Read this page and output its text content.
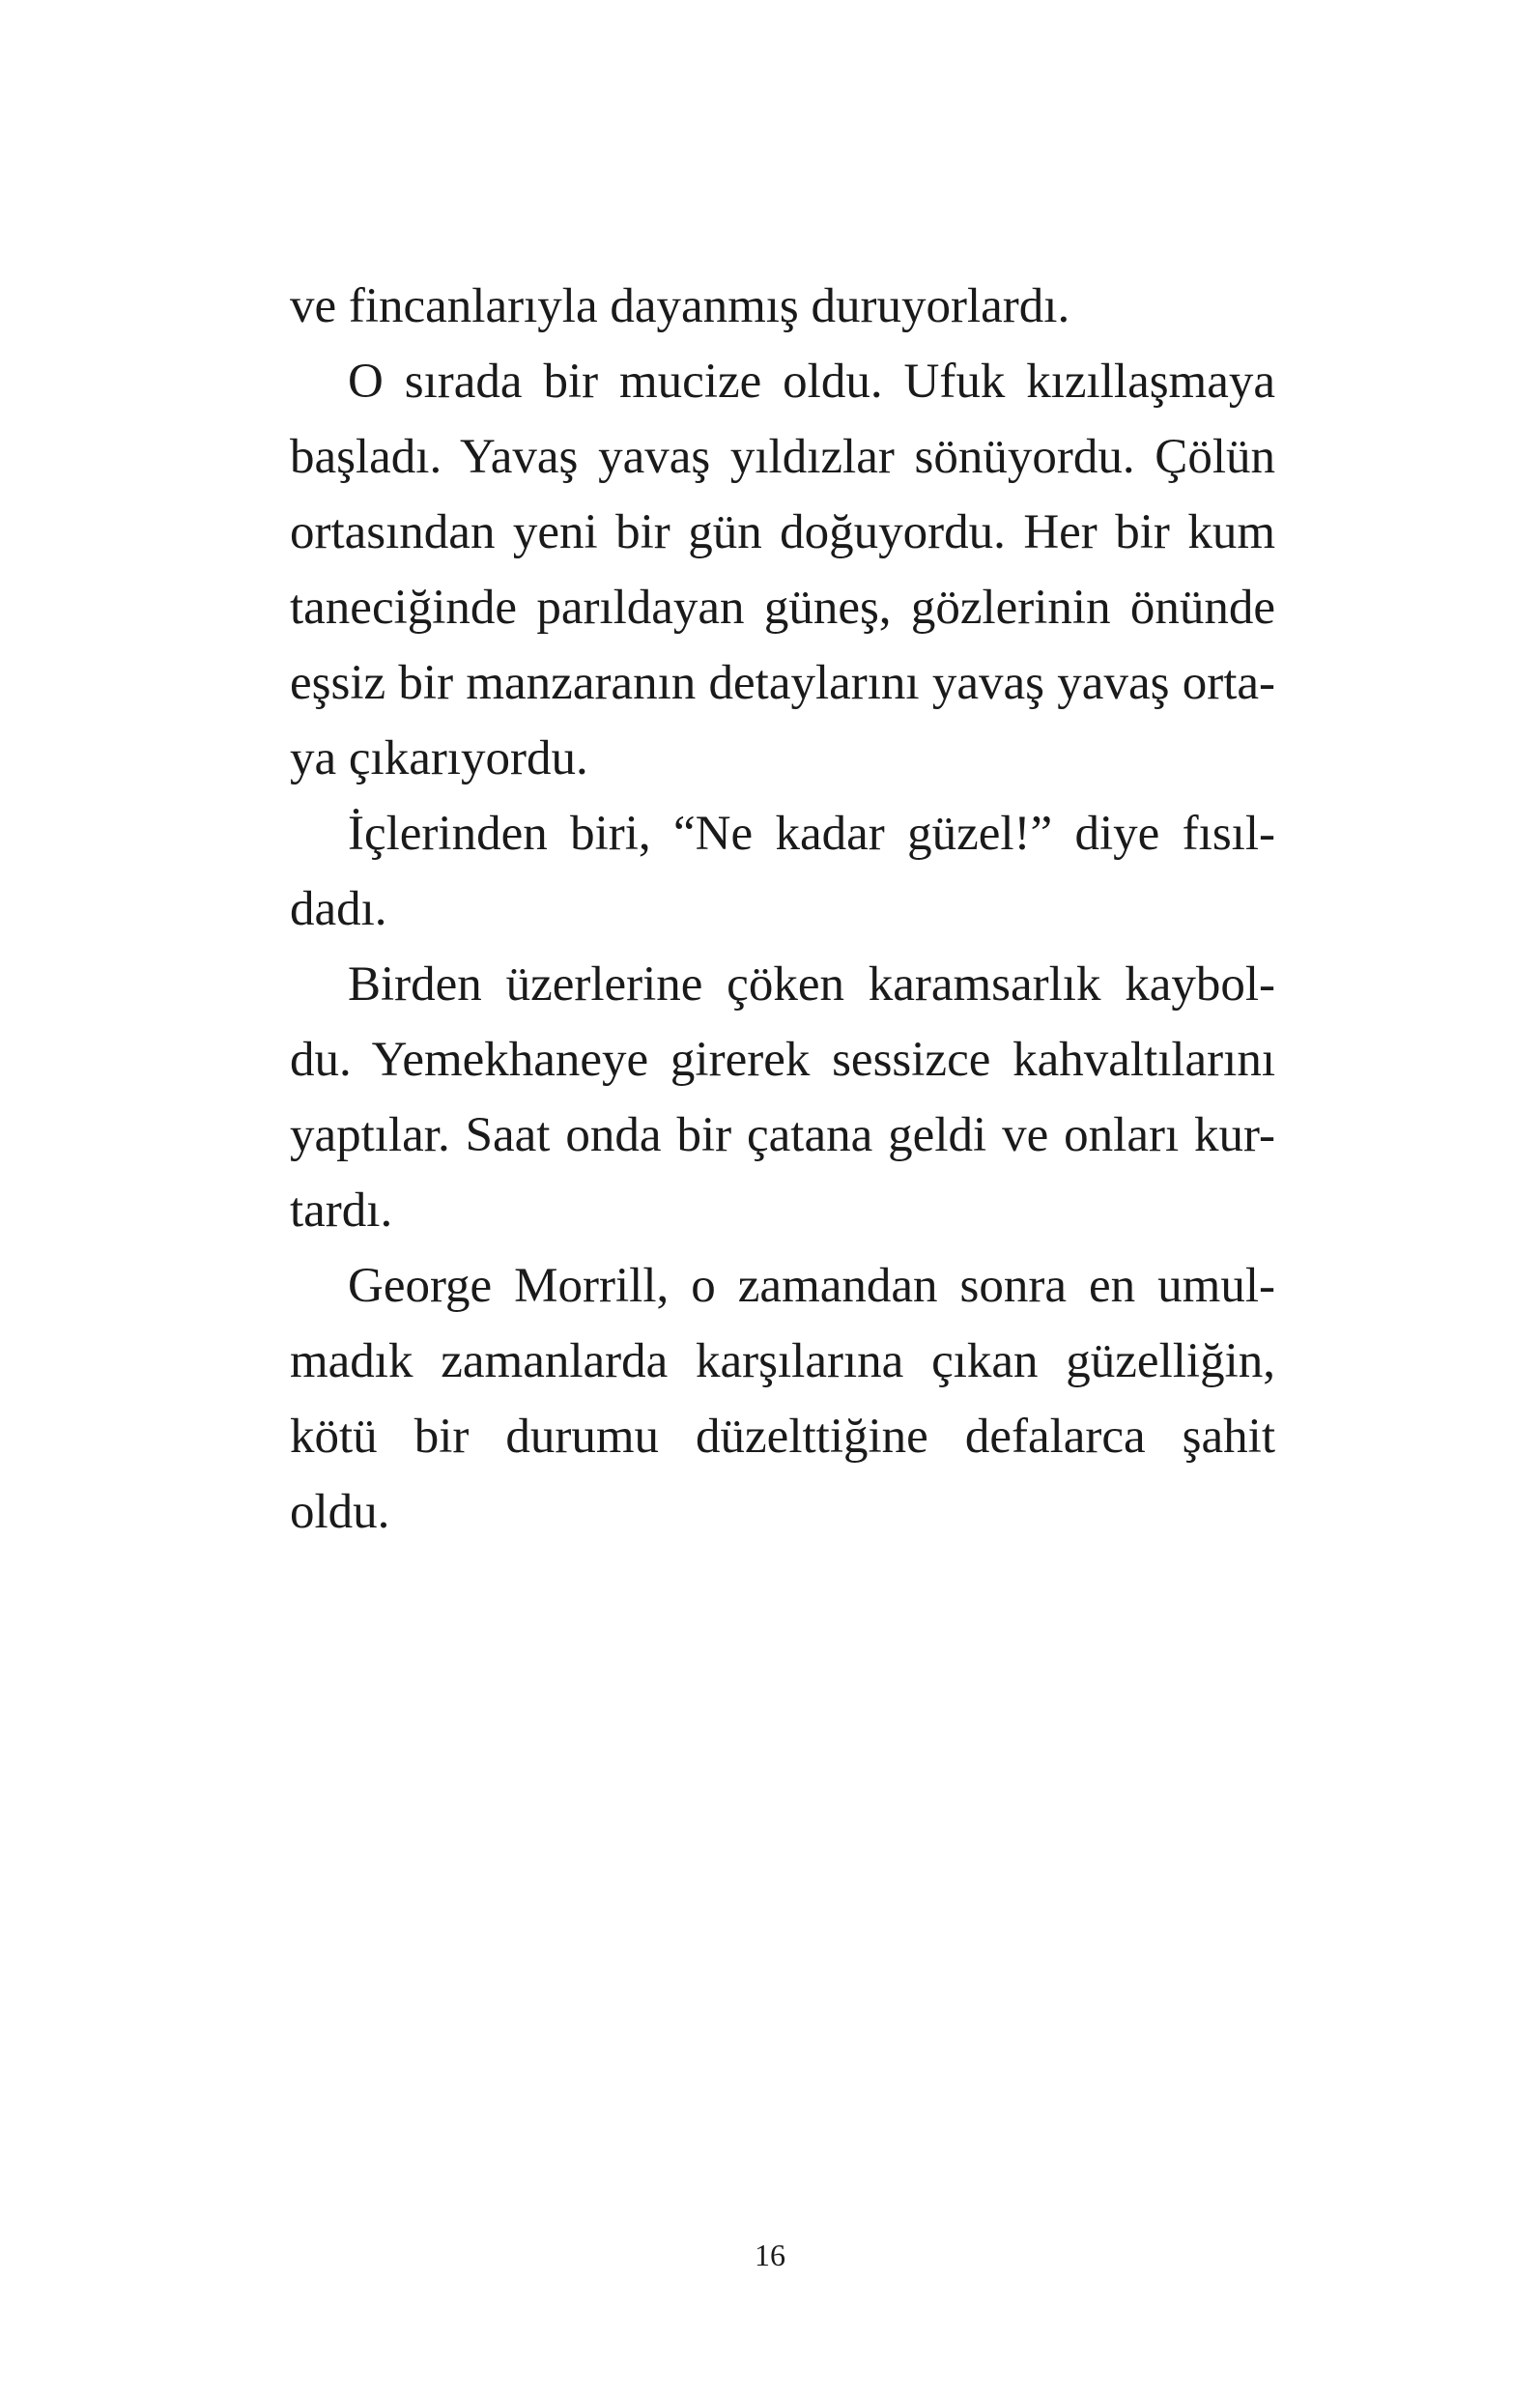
ve fincanlarıyla dayanmış duruyorlardı.
O sırada bir mucize oldu. Ufuk kızıllaşmaya
başladı. Yavaş yavaş yıldızlar sönüyordu. Çölün
ortasından yeni bir gün doğuyordu. Her bir kum
taneciğinde parıldayan güneş, gözlerinin önünde
eşsiz bir manzaranın detaylarını yavaş yavaş orta-
ya çıkarıyordu.
İçlerinden biri, “Ne kadar güzel!” diye fısıl-
dadı.
Birden üzerlerine çöken karamsarlık kaybol-
du. Yemekhaneye girerek sessizce kahvaltılarını
yaptılar. Saat onda bir çatana geldi ve onları kur-
tardı.
George Morrill, o zamandan sonra en umul-
madık zamanlarda karşılarına çıkan güzelliğin,
kötü bir durumu düzelttiğine defalarca şahit
oldu.
16
